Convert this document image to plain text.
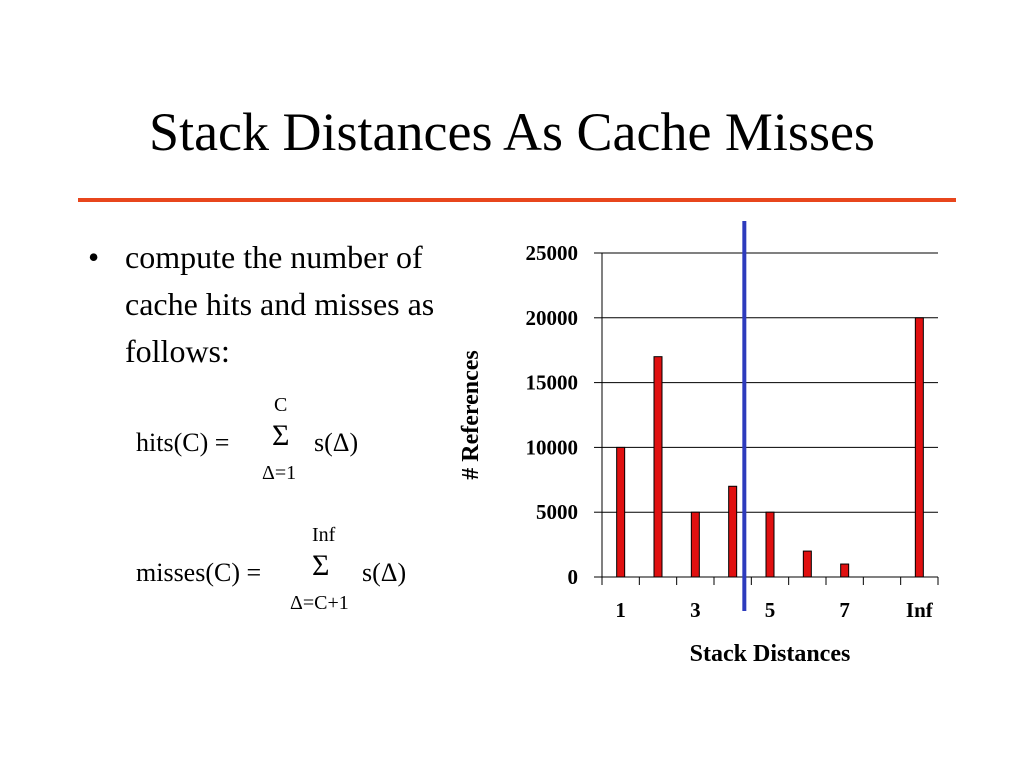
Stack Distances As Cache Misses
• compute the number of cache hits and misses as follows:
hits(C) =
C
Σ
Δ=1
s(Δ)
misses(C) =
Inf
Σ
Δ=C+1
s(Δ)	0
5000
10000
15000
20000
25000
1	3	5	7	Inf
Stack Distances
# References
